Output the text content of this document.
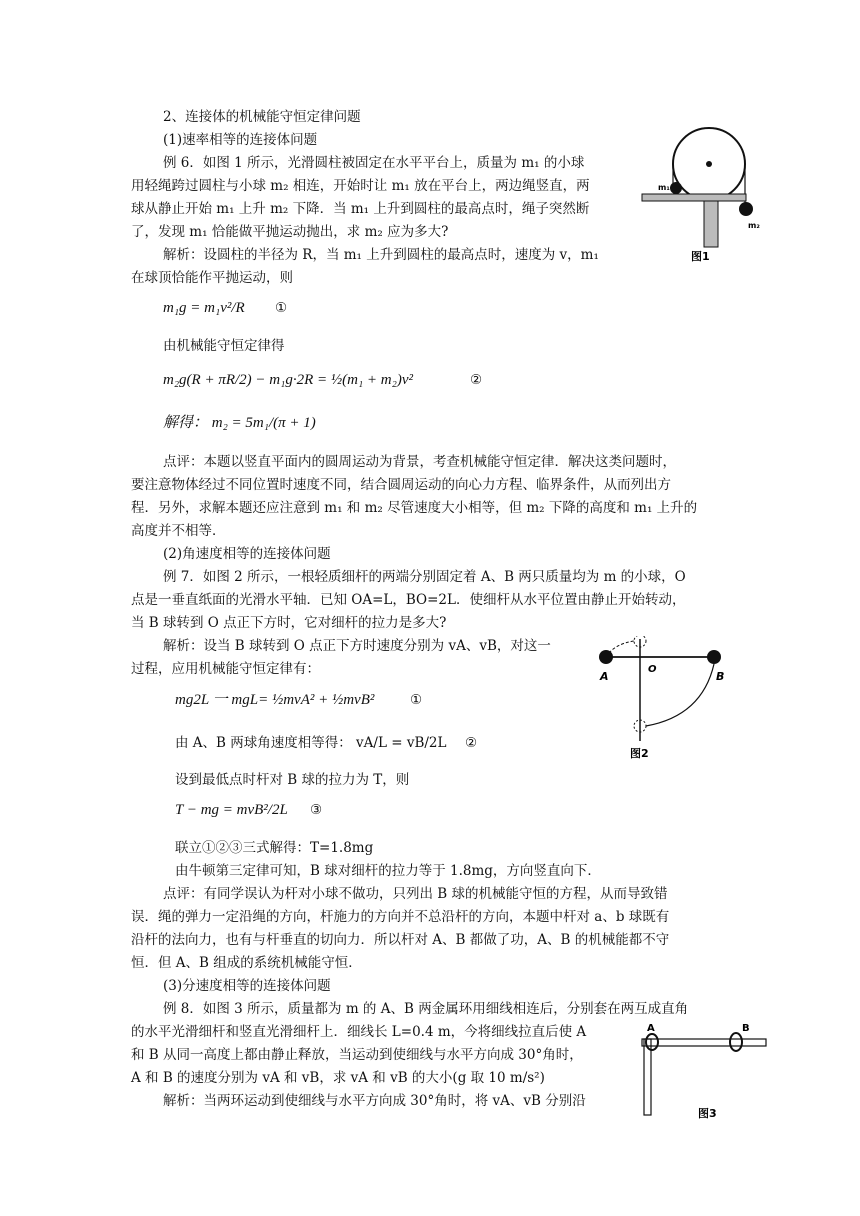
2、连接体的机械能守恒定律问题
(1)速率相等的连接体问题
例 6．如图 1 所示，光滑圆柱被固定在水平平台上，质量为 m₁ 的小球
用轻绳跨过圆柱与小球 m₂ 相连，开始时让 m₁ 放在平台上，两边绳竖直，两
球从静止开始 m₁ 上升 m₂ 下降．当 m₁ 上升到圆柱的最高点时，绳子突然断
了，发现 m₁ 恰能做平抛运动抛出，求 m₂ 应为多大?
解析：设圆柱的半径为 R，当 m₁ 上升到圆柱的最高点时，速度为 v，m₁
在球顶恰能作平抛运动，则
m₁g = m₁v²/R ①
由机械能守恒定律得
m₂g(R + πR/2) − m₁g·2R = ½(m₁ + m₂)v²	②
解得： m₂ = 5m₁/(π + 1)
点评：本题以竖直平面内的圆周运动为背景，考查机械能守恒定律．解决这类问题时，
要注意物体经过不同位置时速度不同，结合圆周运动的向心力方程、临界条件，从而列出方
程．另外，求解本题还应注意到 m₁ 和 m₂ 尽管速度大小相等，但 m₂ 下降的高度和 m₁ 上升的
高度并不相等．
m₁
m₂
图1
(2)角速度相等的连接体问题
例 7．如图 2 所示，一根轻质细杆的两端分别固定着 A、B 两只质量均为 m 的小球，O
点是一垂直纸面的光滑水平轴．已知 OA=L，BO=2L．使细杆从水平位置由静止开始转动，
当 B 球转到 O 点正下方时，它对细杆的拉力是多大?
解析：设当 B 球转到 O 点正下方时速度分别为 vA、vB，对这一
过程，应用机械能守恒定律有：
mg2L 一 mgL= ½mvA² + ½mvB²	①
由 A、B 两球角速度相等得： vA/L = vB/2L ②
设到最低点时杆对 B 球的拉力为 T，则
T − mg = mvB²/2L ③
联立①②③三式解得：T=1.8mg
由牛顿第三定律可知，B 球对细杆的拉力等于 1.8mg，方向竖直向下．
点评：有同学误认为杆对小球不做功，只列出 B 球的机械能守恒的方程，从而导致错
误．绳的弹力一定沿绳的方向，杆施力的方向并不总沿杆的方向，本题中杆对 a、b 球既有
沿杆的法向力，也有与杆垂直的切向力．所以杆对 A、B 都做了功，A、B 的机械能都不守
恒．但 A、B 组成的系统机械能守恒．
A	B
O
图2
(3)分速度相等的连接体问题
例 8．如图 3 所示，质量都为 m 的 A、B 两金属环用细线相连后，分别套在两互成直角
的水平光滑细杆和竖直光滑细杆上．细线长 L=0.4 m，今将细线拉直后使 A
和 B 从同一高度上都由静止释放，当运动到使细线与水平方向成 30°角时，
A 和 B 的速度分别为 vA 和 vB，求 vA 和 vB 的大小(g 取 10 m/s²)
解析：当两环运动到使细线与水平方向成 30°角时，将 vA、vB 分别沿
A	B
图3
